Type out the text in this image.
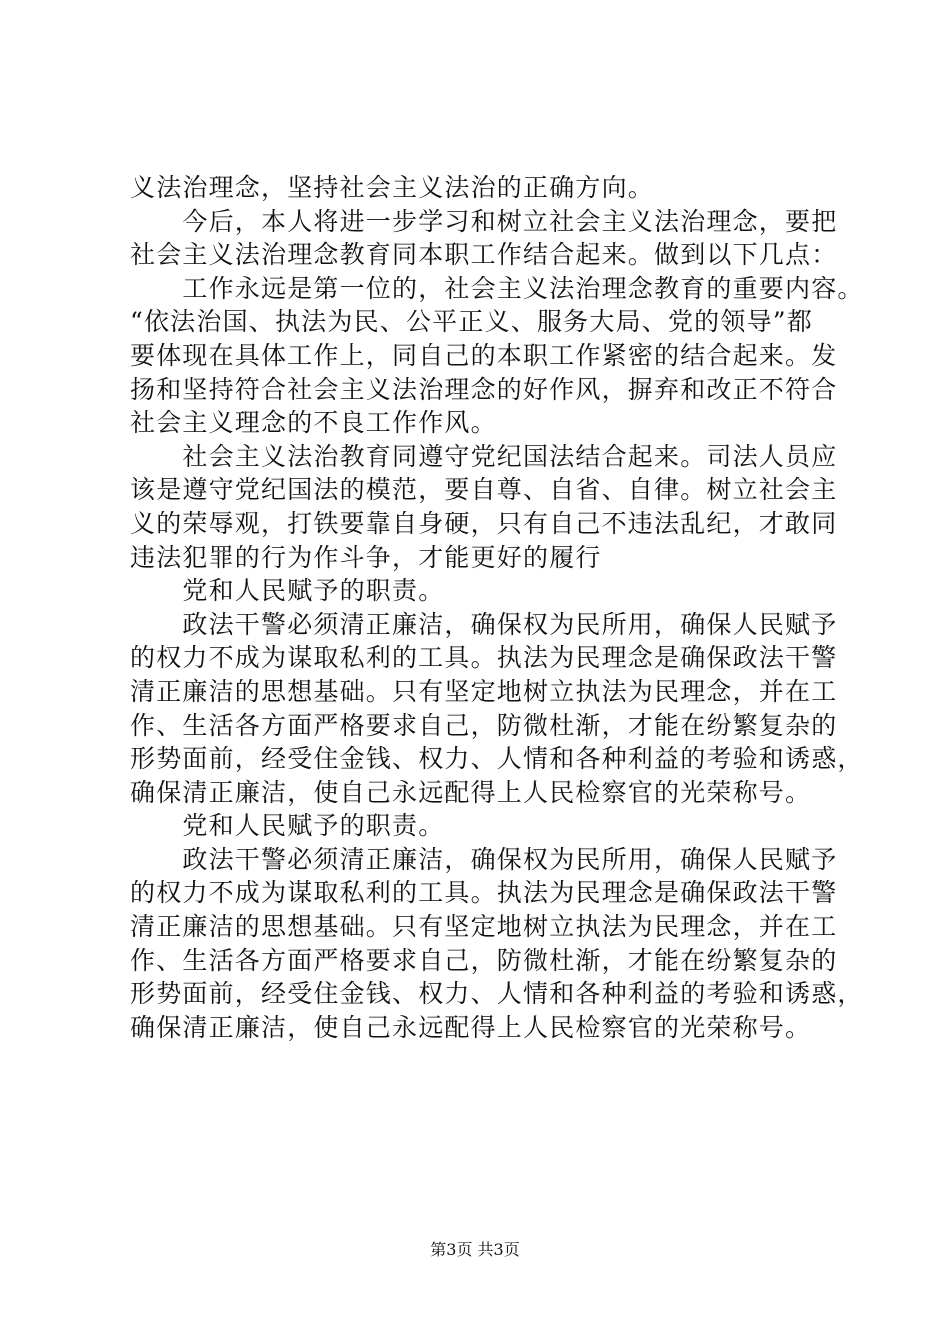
义法治理念，坚持社会主义法治的正确方向。
　　今后，本人将进一步学习和树立社会主义法治理念，要把
社会主义法治理念教育同本职工作结合起来。做到以下几点：
　　工作永远是第一位的，社会主义法治理念教育的重要内容。
“依法治国、执法为民、公平正义、服务大局、党的领导”都
要体现在具体工作上，同自己的本职工作紧密的结合起来。发
扬和坚持符合社会主义法治理念的好作风，摒弃和改正不符合
社会主义理念的不良工作作风。
　　社会主义法治教育同遵守党纪国法结合起来。司法人员应
该是遵守党纪国法的模范，要自尊、自省、自律。树立社会主
义的荣辱观，打铁要靠自身硬，只有自己不违法乱纪，才敢同
违法犯罪的行为作斗争，才能更好的履行
　　党和人民赋予的职责。
　　政法干警必须清正廉洁，确保权为民所用，确保人民赋予
的权力不成为谋取私利的工具。执法为民理念是确保政法干警
清正廉洁的思想基础。只有坚定地树立执法为民理念，并在工
作、生活各方面严格要求自己，防微杜渐，才能在纷繁复杂的
形势面前，经受住金钱、权力、人情和各种利益的考验和诱惑，
确保清正廉洁，使自己永远配得上人民检察官的光荣称号。
　　党和人民赋予的职责。
　　政法干警必须清正廉洁，确保权为民所用，确保人民赋予
的权力不成为谋取私利的工具。执法为民理念是确保政法干警
清正廉洁的思想基础。只有坚定地树立执法为民理念，并在工
作、生活各方面严格要求自己，防微杜渐，才能在纷繁复杂的
形势面前，经受住金钱、权力、人情和各种利益的考验和诱惑，
确保清正廉洁，使自己永远配得上人民检察官的光荣称号。
第3页 共3页
